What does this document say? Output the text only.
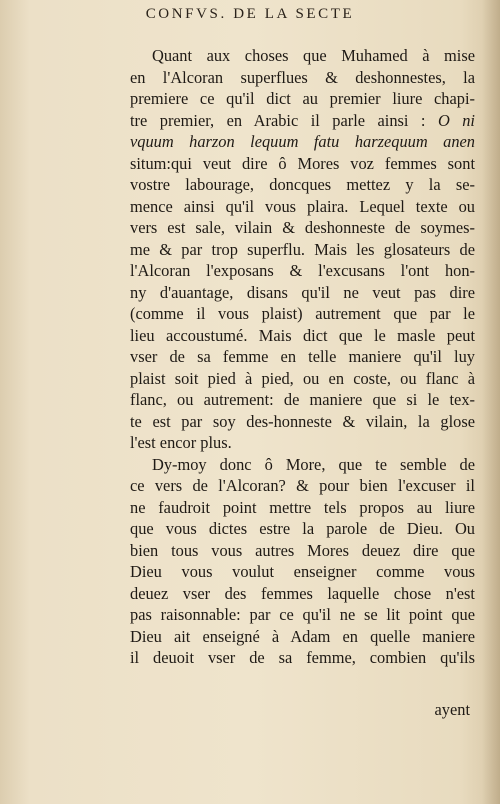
CONFVS. DE LA SECTE
Quant aux choses que Muhamed à mise
en l'Alcoran superflues & deshonnestes, la
premiere ce qu'il dict au premier liure chapi-
tre premier, en Arabic il parle ainsi : O ni
vquum harzon lequum fatu harzequum anen
situm:qui veut dire ô Mores voz femmes sont
vostre labourage, doncques mettez y la se-
mence ainsi qu'il vous plaira. Lequel texte ou
vers est sale, vilain & deshonneste de soymes-
me & par trop superflu. Mais les glosateurs de
l'Alcoran l'exposans & l'excusans l'ont hon-
ny d'auantage, disans qu'il ne veut pas dire
(comme il vous plaist) autrement que par le
lieu accoustumé. Mais dict que le masle peut
vser de sa femme en telle maniere qu'il luy
plaist soit pied à pied, ou en coste, ou flanc à
flanc, ou autrement: de maniere que si le tex-
te est par soy des-honneste & vilain, la glose
l'est encor plus.
Dy-moy donc ô More, que te semble de
ce vers de l'Alcoran? & pour bien l'excuser il
ne faudroit point mettre tels propos au liure
que vous dictes estre la parole de Dieu. Ou
bien tous vous autres Mores deuez dire que
Dieu vous voulut enseigner comme vous
deuez vser des femmes laquelle chose n'est
pas raisonnable: par ce qu'il ne se lit point que
Dieu ait enseigné à Adam en quelle maniere
il deuoit vser de sa femme, combien qu'ils
ayent
